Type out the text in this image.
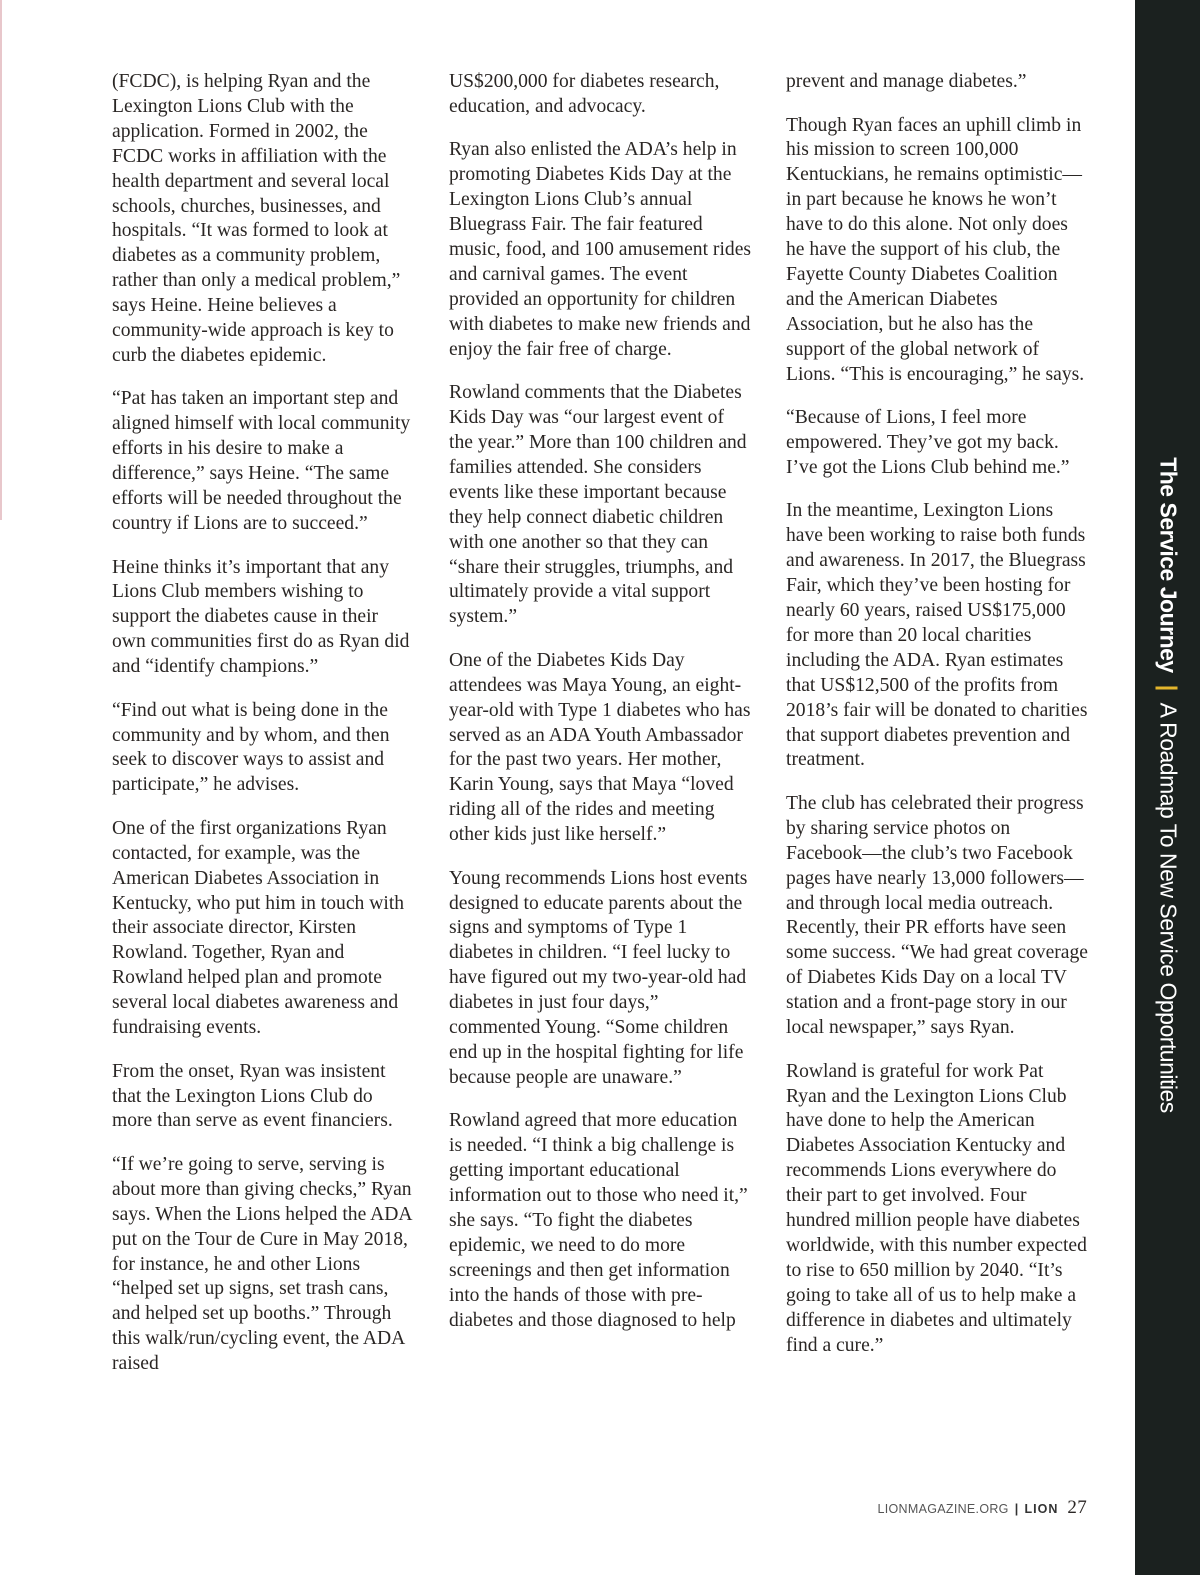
(FCDC), is helping Ryan and the Lexington Lions Club with the application. Formed in 2002, the FCDC works in affiliation with the health department and several local schools, churches, businesses, and hospitals. “It was formed to look at diabetes as a community problem, rather than only a medical problem,” says Heine. Heine believes a community-wide approach is key to curb the diabetes epidemic.

“Pat has taken an important step and aligned himself with local community efforts in his desire to make a difference,” says Heine. “The same efforts will be needed throughout the country if Lions are to succeed.”

Heine thinks it’s important that any Lions Club members wishing to support the diabetes cause in their own communities first do as Ryan did and “identify champions.”

“Find out what is being done in the community and by whom, and then seek to discover ways to assist and participate,” he advises.

One of the first organizations Ryan contacted, for example, was the American Diabetes Association in Kentucky, who put him in touch with their associate director, Kirsten Rowland. Together, Ryan and Rowland helped plan and promote several local diabetes awareness and fundraising events.

From the onset, Ryan was insistent that the Lexington Lions Club do more than serve as event financiers.

“If we’re going to serve, serving is about more than giving checks,” Ryan says. When the Lions helped the ADA put on the Tour de Cure in May 2018, for instance, he and other Lions “helped set up signs, set trash cans, and helped set up booths.” Through this walk/run/cycling event, the ADA raised

US$200,000 for diabetes research, education, and advocacy.

Ryan also enlisted the ADA’s help in promoting Diabetes Kids Day at the Lexington Lions Club’s annual Bluegrass Fair. The fair featured music, food, and 100 amusement rides and carnival games. The event provided an opportunity for children with diabetes to make new friends and enjoy the fair free of charge.

Rowland comments that the Diabetes Kids Day was “our largest event of the year.” More than 100 children and families attended. She considers events like these important because they help connect diabetic children with one another so that they can “share their struggles, triumphs, and ultimately provide a vital support system.”

One of the Diabetes Kids Day attendees was Maya Young, an eight-year-old with Type 1 diabetes who has served as an ADA Youth Ambassador for the past two years. Her mother, Karin Young, says that Maya “loved riding all of the rides and meeting other kids just like herself.”

Young recommends Lions host events designed to educate parents about the signs and symptoms of Type 1 diabetes in children. “I feel lucky to have figured out my two-year-old had diabetes in just four days,” commented Young. “Some children end up in the hospital fighting for life because people are unaware.”

Rowland agreed that more education is needed. “I think a big challenge is getting important educational information out to those who need it,” she says. “To fight the diabetes epidemic, we need to do more screenings and then get information into the hands of those with pre-diabetes and those diagnosed to help

prevent and manage diabetes.”

Though Ryan faces an uphill climb in his mission to screen 100,000 Kentuckians, he remains optimistic—in part because he knows he won’t have to do this alone. Not only does he have the support of his club, the Fayette County Diabetes Coalition and the American Diabetes Association, but he also has the support of the global network of Lions. “This is encouraging,” he says.

“Because of Lions, I feel more empowered. They’ve got my back. I’ve got the Lions Club behind me.”

In the meantime, Lexington Lions have been working to raise both funds and awareness. In 2017, the Bluegrass Fair, which they’ve been hosting for nearly 60 years, raised US$175,000 for more than 20 local charities including the ADA. Ryan estimates that US$12,500 of the profits from 2018’s fair will be donated to charities that support diabetes prevention and treatment.

The club has celebrated their progress by sharing service photos on Facebook—the club’s two Facebook pages have nearly 13,000 followers—and through local media outreach. Recently, their PR efforts have seen some success. “We had great coverage of Diabetes Kids Day on a local TV station and a front-page story in our local newspaper,” says Ryan.

Rowland is grateful for work Pat Ryan and the Lexington Lions Club have done to help the American Diabetes Association Kentucky and recommends Lions everywhere do their part to get involved. Four hundred million people have diabetes worldwide, with this number expected to rise to 650 million by 2040. “It’s going to take all of us to help make a difference in diabetes and ultimately find a cure.”

The Service Journey|A Roadmap To New Service Opportunities
LIONMAGAZINE.ORG | LION 27
